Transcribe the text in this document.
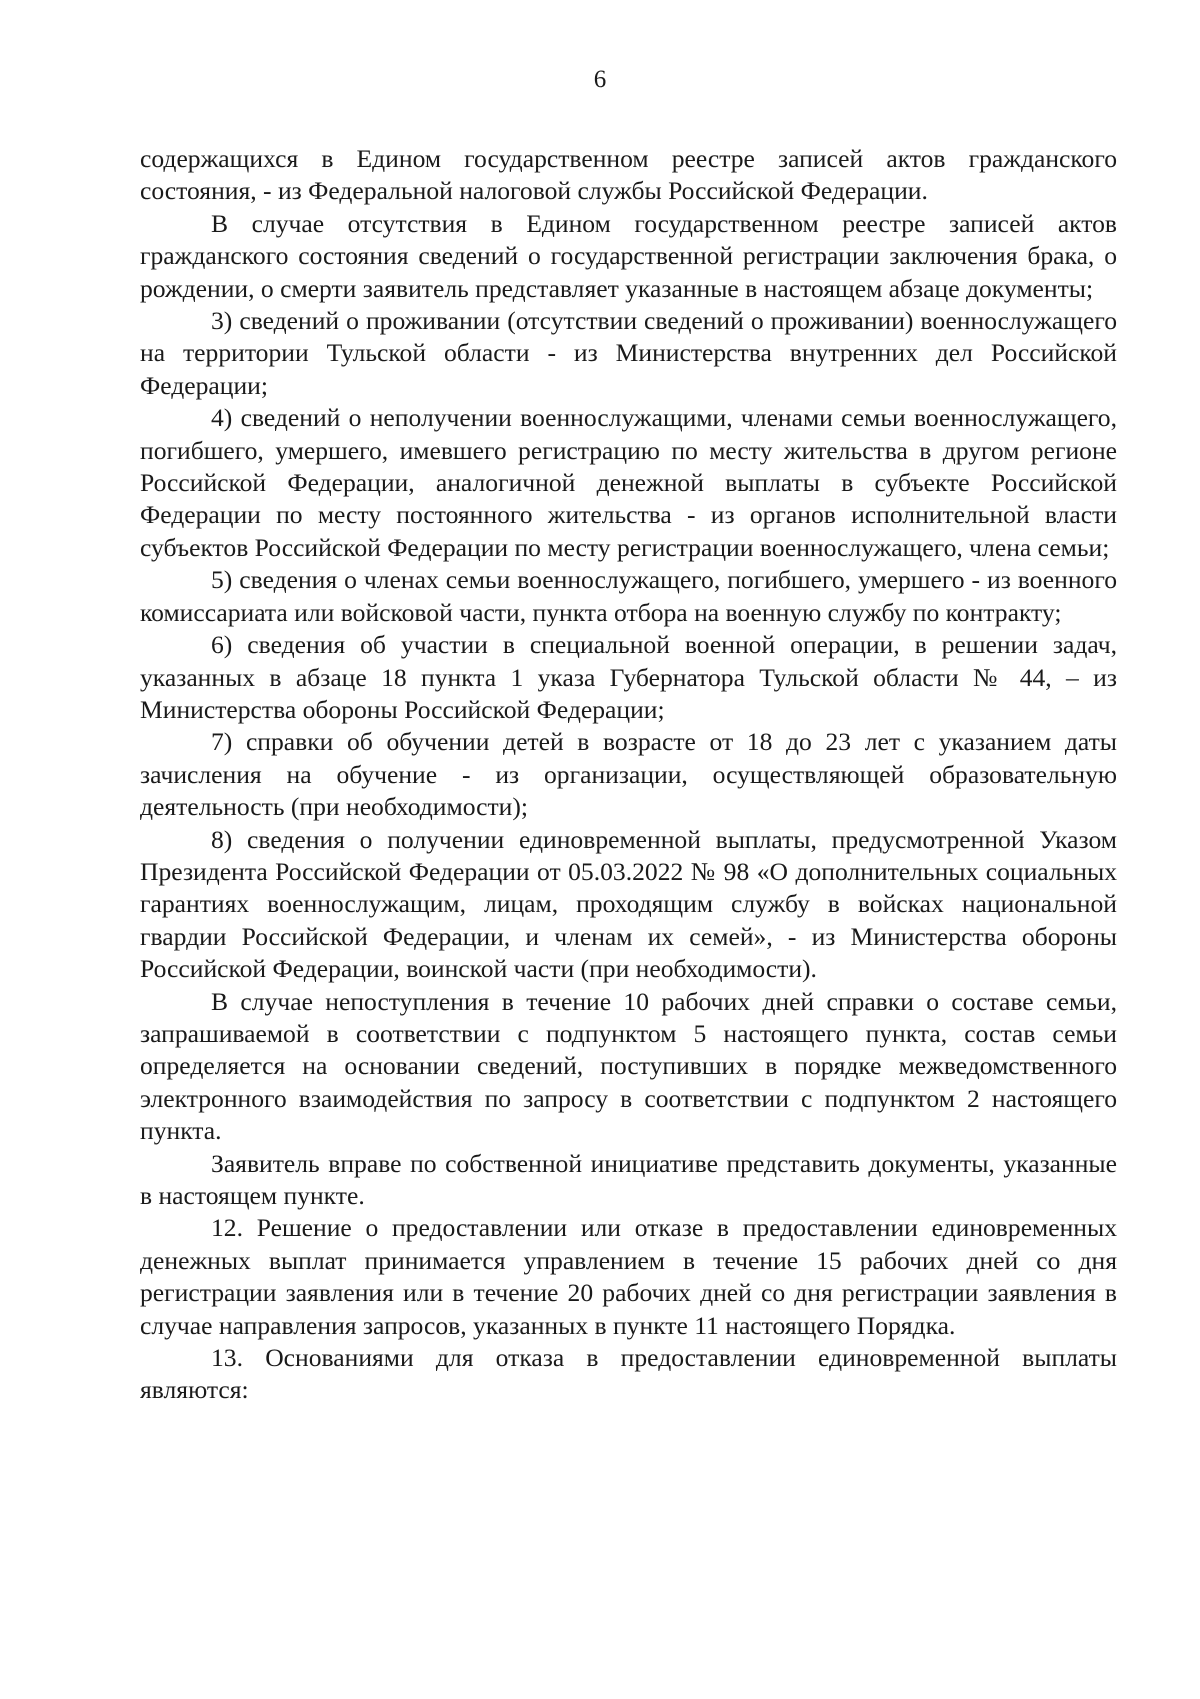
6

содержащихся в Едином государственном реестре записей актов гражданского состояния, - из Федеральной налоговой службы Российской Федерации.

В случае отсутствия в Едином государственном реестре записей актов гражданского состояния сведений о государственной регистрации заключения брака, о рождении, о смерти заявитель представляет указанные в настоящем абзаце документы;

3) сведений о проживании (отсутствии сведений о проживании) военнослужащего на территории Тульской области - из Министерства внутренних дел Российской Федерации;

4) сведений о неполучении военнослужащими, членами семьи военнослужащего, погибшего, умершего, имевшего регистрацию по месту жительства в другом регионе Российской Федерации, аналогичной денежной выплаты в субъекте Российской Федерации по месту постоянного жительства - из органов исполнительной власти субъектов Российской Федерации по месту регистрации военнослужащего, члена семьи;

5) сведения о членах семьи военнослужащего, погибшего, умершего - из военного комиссариата или войсковой части, пункта отбора на военную службу по контракту;

6) сведения об участии в специальной военной операции, в решении задач, указанных в абзаце 18 пункта 1 указа Губернатора Тульской области № 44, – из Министерства обороны Российской Федерации;

7) справки об обучении детей в возрасте от 18 до 23 лет с указанием даты зачисления на обучение - из организации, осуществляющей образовательную деятельность (при необходимости);

8) сведения о получении единовременной выплаты, предусмотренной Указом Президента Российской Федерации от 05.03.2022 № 98 «О дополнительных социальных гарантиях военнослужащим, лицам, проходящим службу в войсках национальной гвардии Российской Федерации, и членам их семей», - из Министерства обороны Российской Федерации, воинской части (при необходимости).

В случае непоступления в течение 10 рабочих дней справки о составе семьи, запрашиваемой в соответствии с подпунктом 5 настоящего пункта, состав семьи определяется на основании сведений, поступивших в порядке межведомственного электронного взаимодействия по запросу в соответствии с подпунктом 2 настоящего пункта.

Заявитель вправе по собственной инициативе представить документы, указанные в настоящем пункте.

12. Решение о предоставлении или отказе в предоставлении единовременных денежных выплат принимается управлением в течение 15 рабочих дней со дня регистрации заявления или в течение 20 рабочих дней со дня регистрации заявления в случае направления запросов, указанных в пункте 11 настоящего Порядка.

13. Основаниями для отказа в предоставлении единовременной выплаты являются:
